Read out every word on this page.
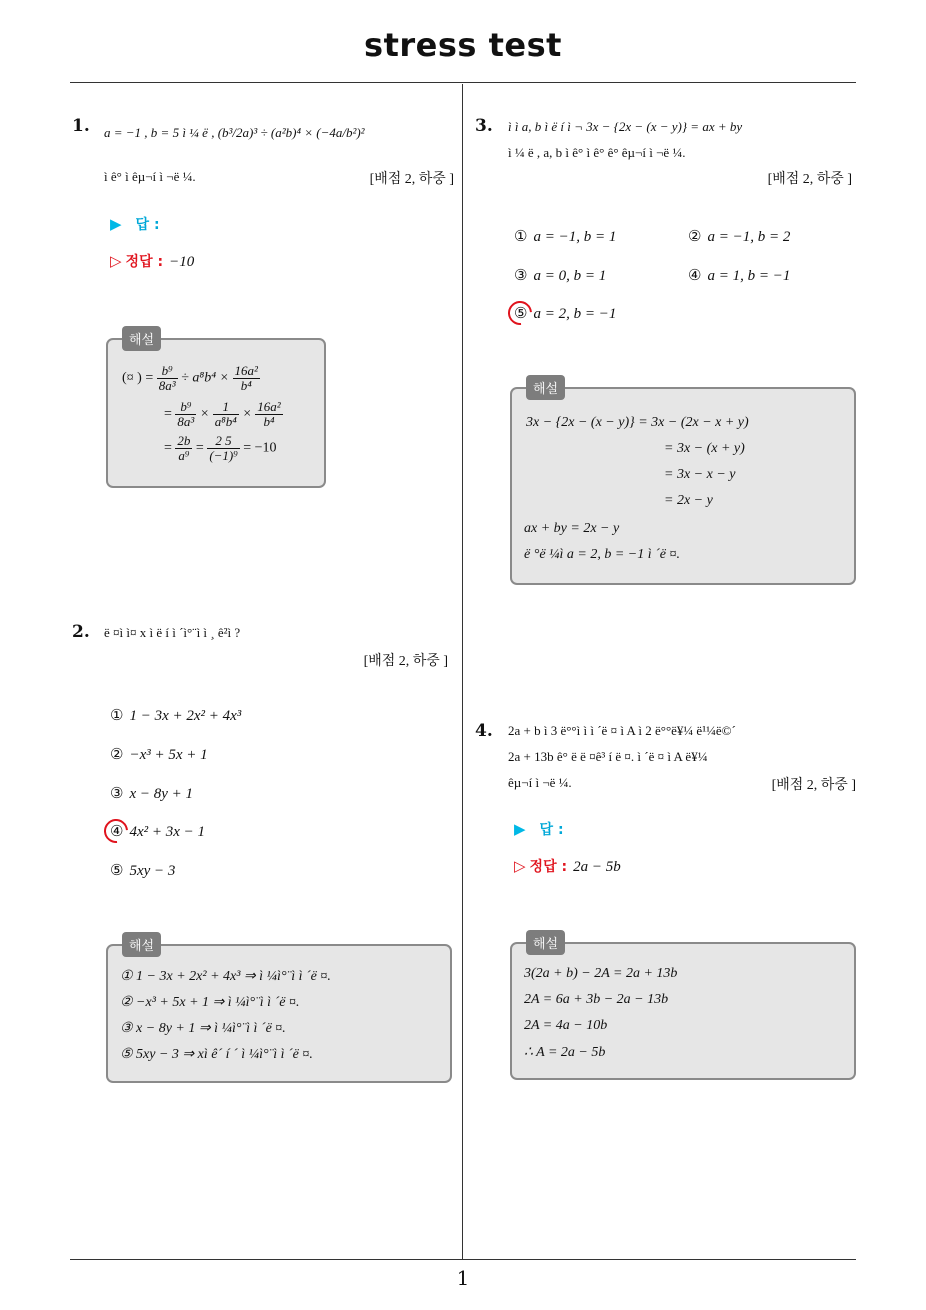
stress test
1
1. a = −1 , b = 5 ì ¼ ë , (b³/2a)³ ÷ (a²b)⁴ × (−4a/b²)²
ì ê° ì êµ¬í ì ¬ë ¼.	[배점 2, 하중 ]
▶ 답 :
▷ 정답 : −10
해설
(¤ ) = $\frac{\text{b⁹}}{\text{8a³}} \div a^8b^4 \times \frac{\text{16a²}}{\text{b⁴}}$
= $\frac{\text{b⁹}}{\text{8a³}} \times \frac{1}{\text{a⁸b⁴}} \times \frac{\text{16a²}}{\text{b⁴}}$
= $\frac{2b}{\text{a⁹}} = \frac{2 5}{\text{(−1)⁹}} = -10$
2. ë ¤ì ì¤ x ì ë í ì ´ì°¨ì ì ¸ ê²ì ?
[배점 2, 하중 ]
① 1 − 3x + 2x² + 4x³
② −x³ + 5x + 1
③ x − 8y + 1
④ 4x² + 3x − 1
⑤ 5xy − 3
해설
① 1 − 3x + 2x² + 4x³ ⇒ ì ¼ì°¨ì ì ´ë ¤.
② −x³ + 5x + 1 ⇒ ì ¼ì°¨ì ì ´ë ¤.
③ x − 8y + 1 ⇒ ì ¼ì°¨ì ì ´ë ¤.
⑤ 5xy − 3 ⇒ xì ê´ í ´ ì ¼ì°¨ì ì ´ë ¤.
3. ì ì a, b ì ë í ì ¬ 3x − {2x − (x − y)} = ax + by
ì ¼ ë , a, b ì ê° ì ê° ê° êµ¬í ì ¬ë ¼.
[배점 2, 하중 ]
① a = −1, b = 1	② a = −1, b = 2
③ a = 0, b = 1	④ a = 1, b = −1
⑤ a = 2, b = −1
해설
3x − {2x − (x − y)} = 3x − (2x − x + y)
= 3x − (x + y)
= 3x − x − y
= 2x − y
ax + by = 2x − y
ë °ë ¼ì a = 2, b = −1 ì ´ë ¤.
4. 2a + b ì 3 ë°°ì ì ì ´ë ¤ ì A ì 2 ë°°ë¥¼ ë¹¼ë©´
2a + 13b ê° ë ë ¤ê³ í ë ¤. ì ´ë ¤ ì A ë¥¼
êµ¬í ì ¬ë ¼.	[배점 2, 하중 ]
▶ 답 :
▷ 정답 : 2a − 5b
해설
3(2a + b) − 2A = 2a + 13b
2A = 6a + 3b − 2a − 13b
2A = 4a − 10b
∴ A = 2a − 5b
